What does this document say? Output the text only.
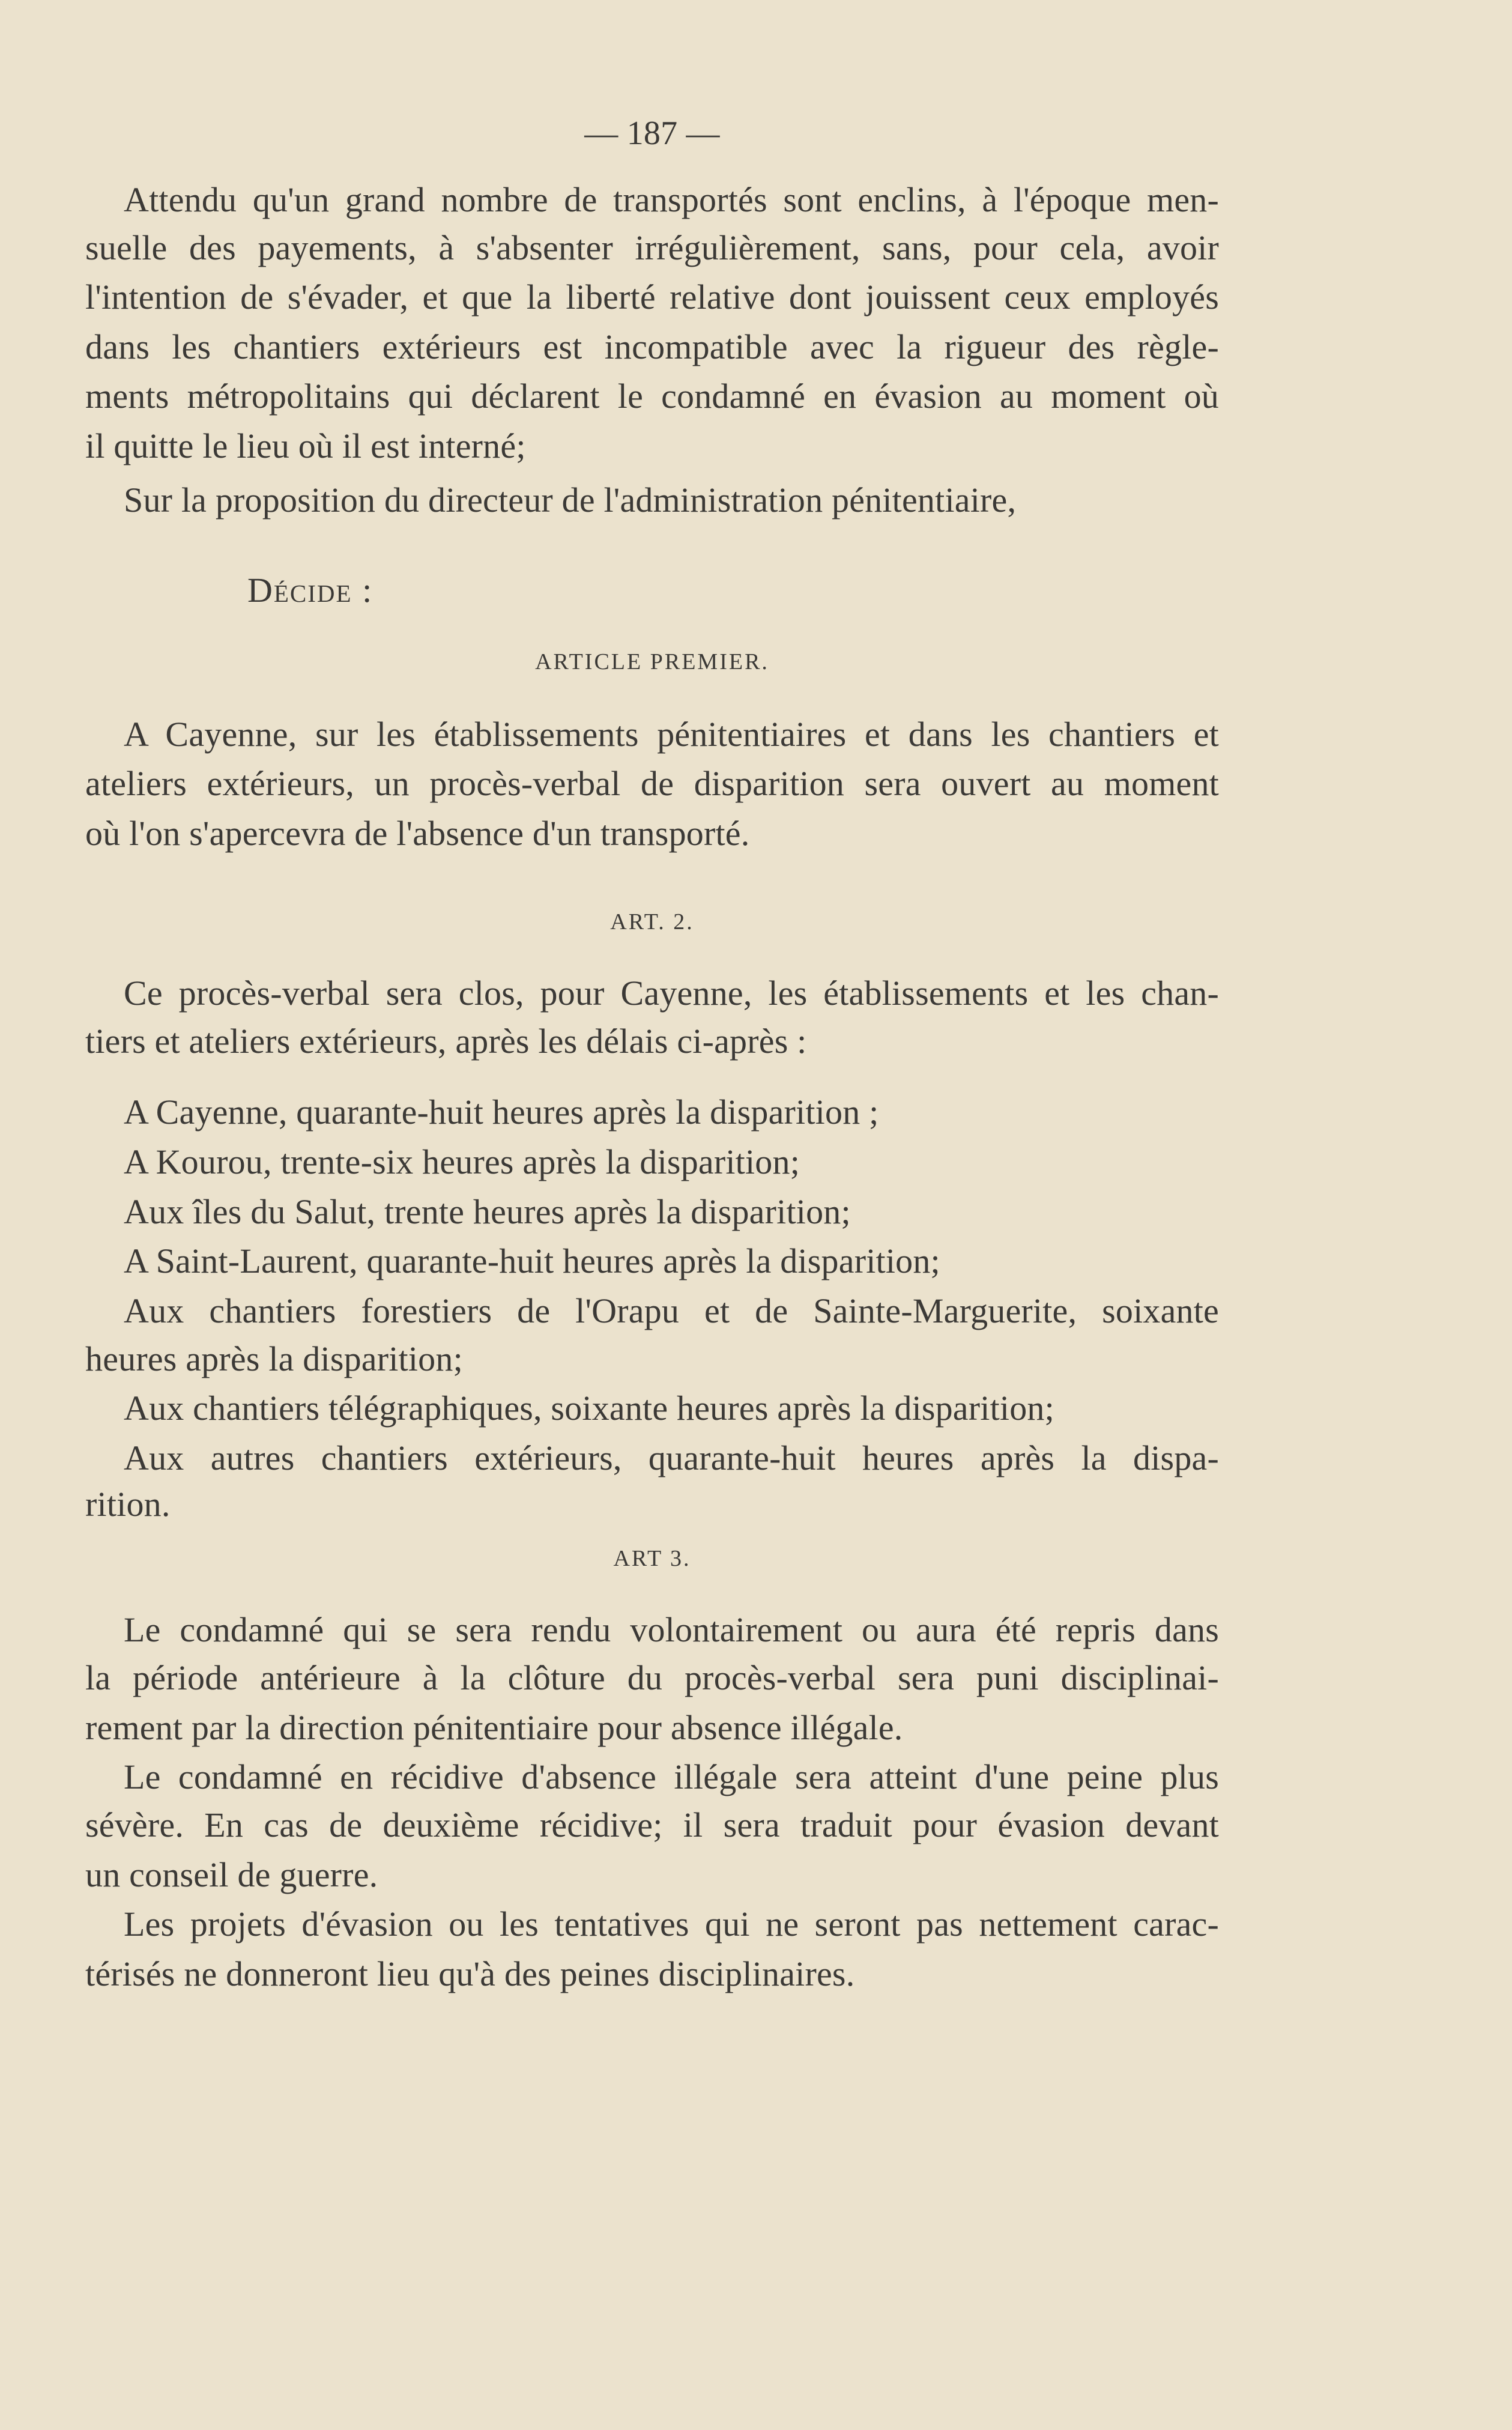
— 187 —
Attendu qu'un grand nombre de transportés sont enclins, à l'époque men-
suelle des payements, à s'absenter irrégulièrement, sans, pour cela, avoir
l'intention de s'évader, et que la liberté relative dont jouissent ceux employés
dans les chantiers extérieurs est incompatible avec la rigueur des règle-
ments métropolitains qui déclarent le condamné en évasion au moment où
il quitte le lieu où il est interné;
Sur la proposition du directeur de l'administration pénitentiaire,
Décide :
ARTICLE PREMIER.
A Cayenne, sur les établissements pénitentiaires et dans les chantiers et
ateliers extérieurs, un procès-verbal de disparition sera ouvert au moment
où l'on s'apercevra de l'absence d'un transporté.
ART. 2.
Ce procès-verbal sera clos, pour Cayenne, les établissements et les chan-
tiers et ateliers extérieurs, après les délais ci-après :
A Cayenne, quarante-huit heures après la disparition ;
A Kourou, trente-six heures après la disparition;
Aux îles du Salut, trente heures après la disparition;
A Saint-Laurent, quarante-huit heures après la disparition;
Aux chantiers forestiers de l'Orapu et de Sainte-Marguerite, soixante
heures après la disparition;
Aux chantiers télégraphiques, soixante heures après la disparition;
Aux autres chantiers extérieurs, quarante-huit heures après la dispa-
rition.
ART 3.
Le condamné qui se sera rendu volontairement ou aura été repris dans
la période antérieure à la clôture du procès-verbal sera puni disciplinai-
rement par la direction pénitentiaire pour absence illégale.
Le condamné en récidive d'absence illégale sera atteint d'une peine plus
sévère. En cas de deuxième récidive; il sera traduit pour évasion devant
un conseil de guerre.
Les projets d'évasion ou les tentatives qui ne seront pas nettement carac-
térisés ne donneront lieu qu'à des peines disciplinaires.
